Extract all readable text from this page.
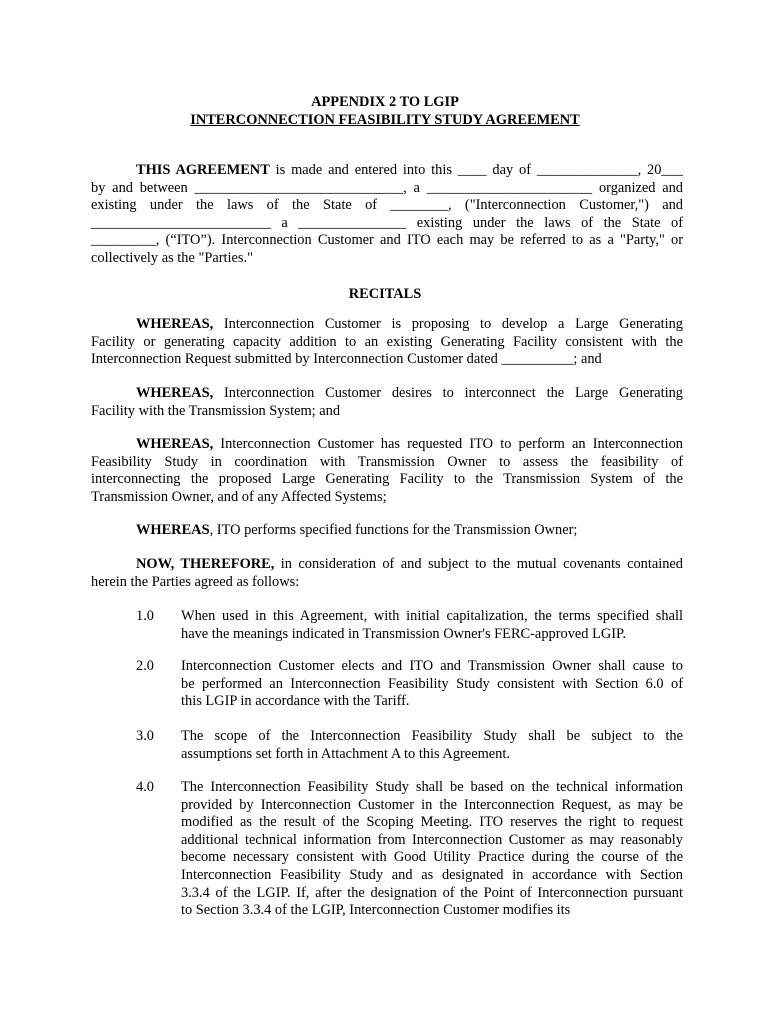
APPENDIX 2 TO LGIP

INTERCONNECTION FEASIBILITY STUDY AGREEMENT

THIS AGREEMENT is made and entered into this ____ day of ______________, 20___
by and between _____________________________, a _______________________ organized and
existing under the laws of the State of ________, ("Interconnection Customer,") and
_________________________ a _______________ existing under the laws of the State of
_________, (“ITO”). Interconnection Customer and ITO each may be referred to as a "Party," or
collectively as the "Parties."

RECITALS

WHEREAS, Interconnection Customer is proposing to develop a Large Generating
Facility or generating capacity addition to an existing Generating Facility consistent with the
Interconnection Request submitted by Interconnection Customer dated __________; and
WHEREAS, Interconnection Customer desires to interconnect the Large Generating
Facility with the Transmission System; and
WHEREAS, Interconnection Customer has requested ITO to perform an Interconnection
Feasibility Study in coordination with Transmission Owner to assess the feasibility of
interconnecting the proposed Large Generating Facility to the Transmission System of the
Transmission Owner, and of any Affected Systems;
WHEREAS, ITO performs specified functions for the Transmission Owner;
NOW, THEREFORE, in consideration of and subject to the mutual covenants contained
herein the Parties agreed as follows:
1.0	When used in this Agreement, with initial capitalization, the terms specified shall
have the meanings indicated in Transmission Owner's FERC-approved LGIP.
2.0	Interconnection Customer elects and ITO and Transmission Owner shall cause to
be performed an Interconnection Feasibility Study consistent with Section 6.0 of
this LGIP in accordance with the Tariff.
3.0	The scope of the Interconnection Feasibility Study shall be subject to the
assumptions set forth in Attachment A to this Agreement.
4.0	The Interconnection Feasibility Study shall be based on the technical information
provided by Interconnection Customer in the Interconnection Request, as may be
modified as the result of the Scoping Meeting. ITO reserves the right to request
additional technical information from Interconnection Customer as may reasonably
become necessary consistent with Good Utility Practice during the course of the
Interconnection Feasibility Study and as designated in accordance with Section
3.3.4 of the LGIP. If, after the designation of the Point of Interconnection pursuant
to Section 3.3.4 of the LGIP, Interconnection Customer modifies its
